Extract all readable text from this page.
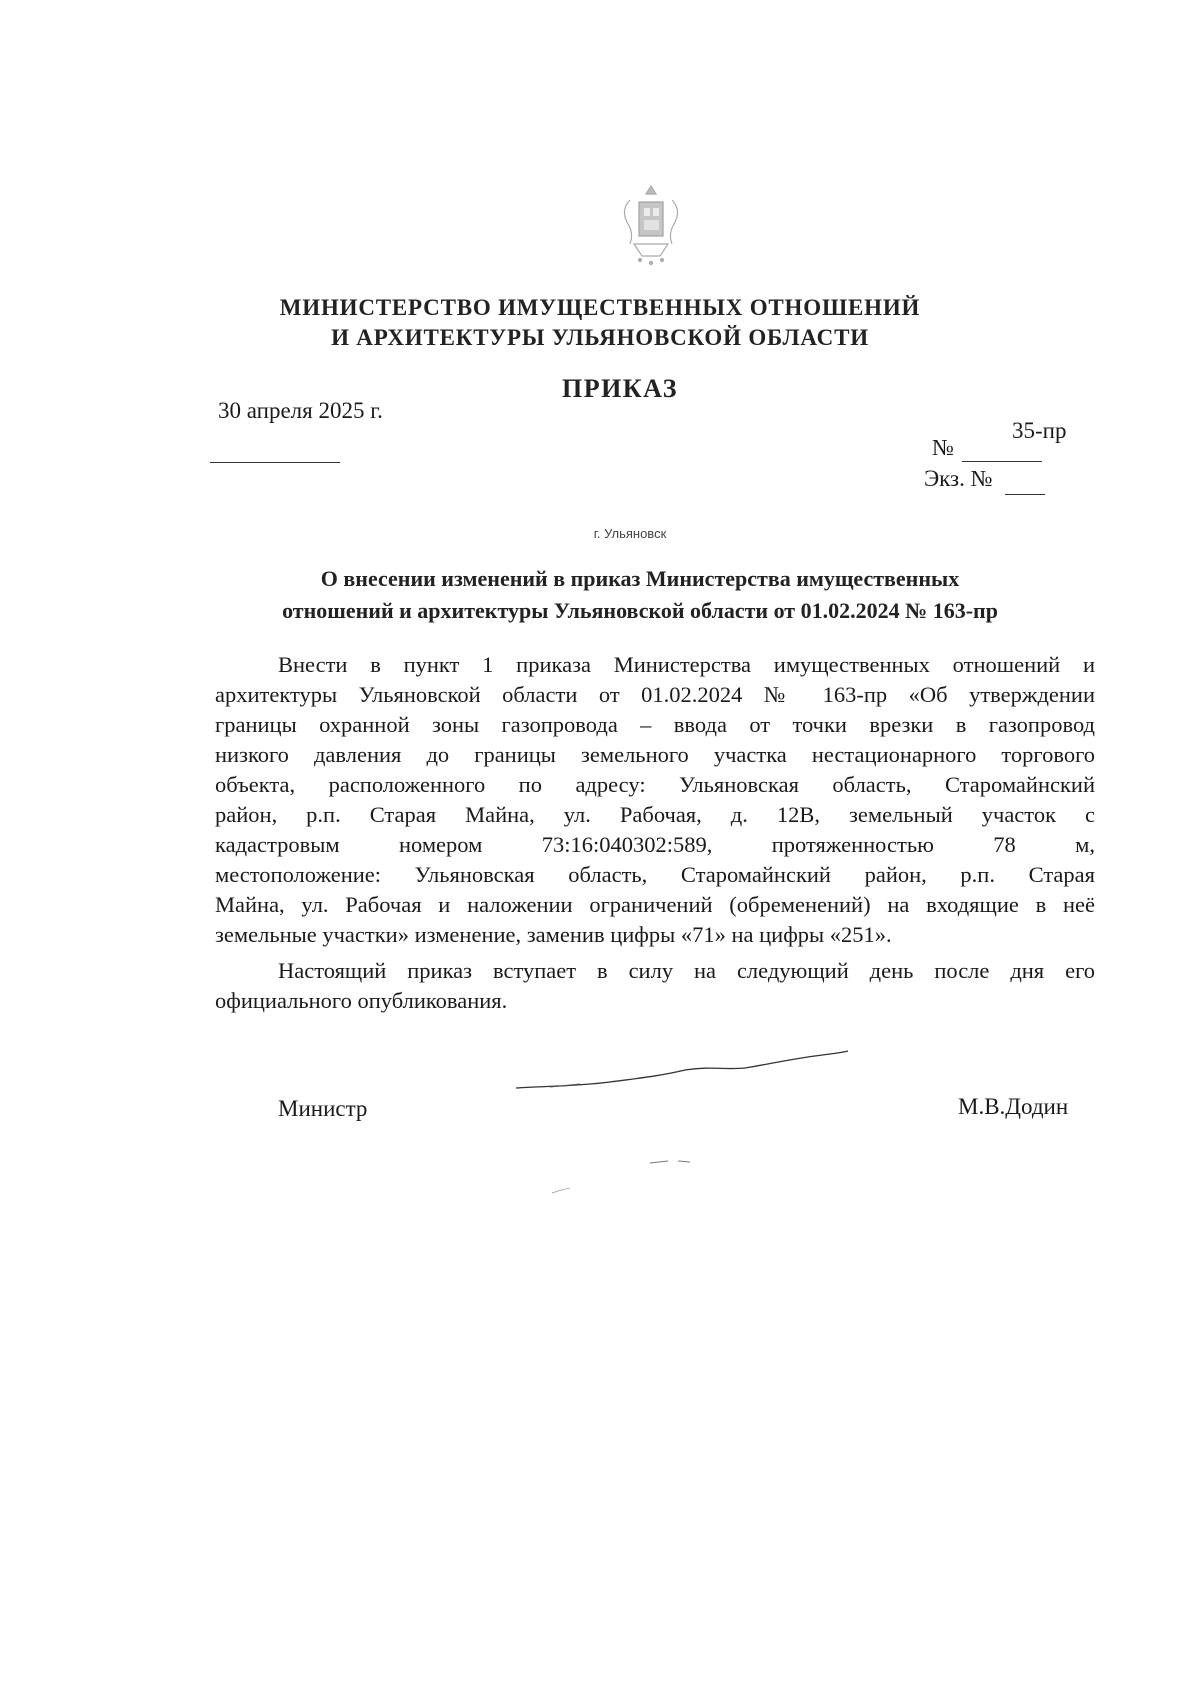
МИНИСТЕРСТВО ИМУЩЕСТВЕННЫХ ОТНОШЕНИЙ
И АРХИТЕКТУРЫ УЛЬЯНОВСКОЙ ОБЛАСТИ
ПРИКАЗ
30 апреля 2025 г.
35-пр
№
Экз. №
г. Ульяновск
О внесении изменений в приказ Министерства имущественных
отношений и архитектуры Ульяновской области от 01.02.2024 № 163-пр
Внести в пункт 1 приказа Министерства имущественных отношений и
архитектуры Ульяновской области от 01.02.2024 № 163-пр «Об утверждении
границы охранной зоны газопровода – ввода от точки врезки в газопровод
низкого давления до границы земельного участка нестационарного торгового
объекта, расположенного по адресу: Ульяновская область, Старомайнский
район, р.п. Старая Майна, ул. Рабочая, д. 12В, земельный участок с
кадастровым номером 73:16:040302:589, протяженностью 78 м,
местоположение: Ульяновская область, Старомайнский район, р.п. Старая
Майна, ул. Рабочая и наложении ограничений (обременений) на входящие в неё
земельные участки» изменение, заменив цифры «71» на цифры «251».
Настоящий приказ вступает в силу на следующий день после дня его
официального опубликования.
Министр	М.В.Додин
